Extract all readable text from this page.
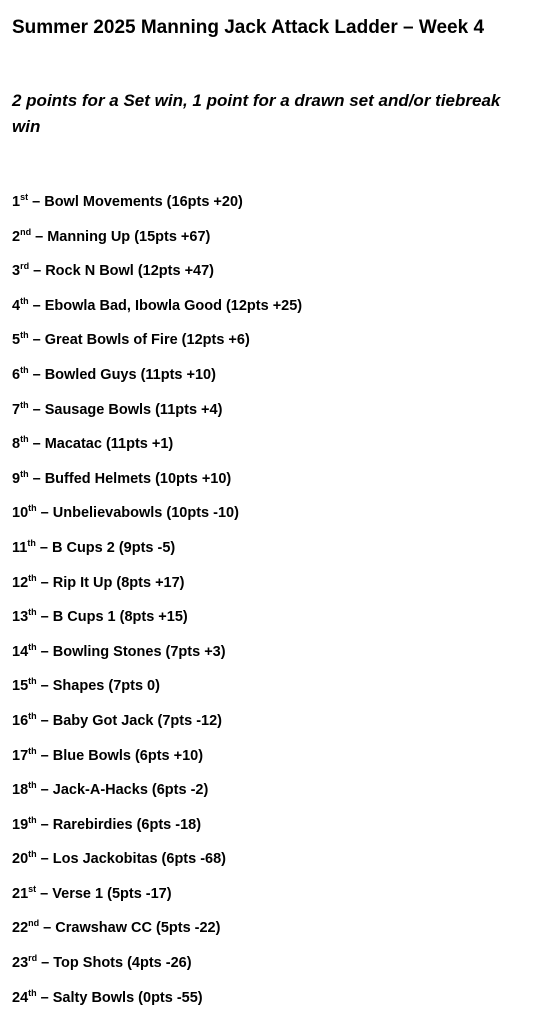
Summer 2025 Manning Jack Attack Ladder – Week 4

2 points for a Set win, 1 point for a drawn set and/or tiebreak win

1st – Bowl Movements (16pts +20)
2nd – Manning Up (15pts +67)
3rd – Rock N Bowl (12pts +47)
4th – Ebowla Bad, Ibowla Good (12pts +25)
5th – Great Bowls of Fire (12pts +6)
6th – Bowled Guys (11pts +10)
7th – Sausage Bowls (11pts +4)
8th – Macatac (11pts +1)
9th – Buffed Helmets (10pts +10)
10th – Unbelievabowls (10pts -10)
11th – B Cups 2 (9pts -5)
12th – Rip It Up (8pts +17)
13th – B Cups 1 (8pts +15)
14th – Bowling Stones (7pts +3)
15th – Shapes (7pts 0)
16th – Baby Got Jack (7pts -12)
17th – Blue Bowls (6pts +10)
18th – Jack-A-Hacks (6pts -2)
19th – Rarebirdies (6pts -18)
20th – Los Jackobitas (6pts -68)
21st – Verse 1 (5pts -17)
22nd – Crawshaw CC (5pts -22)
23rd – Top Shots (4pts -26)
24th – Salty Bowls (0pts -55)
